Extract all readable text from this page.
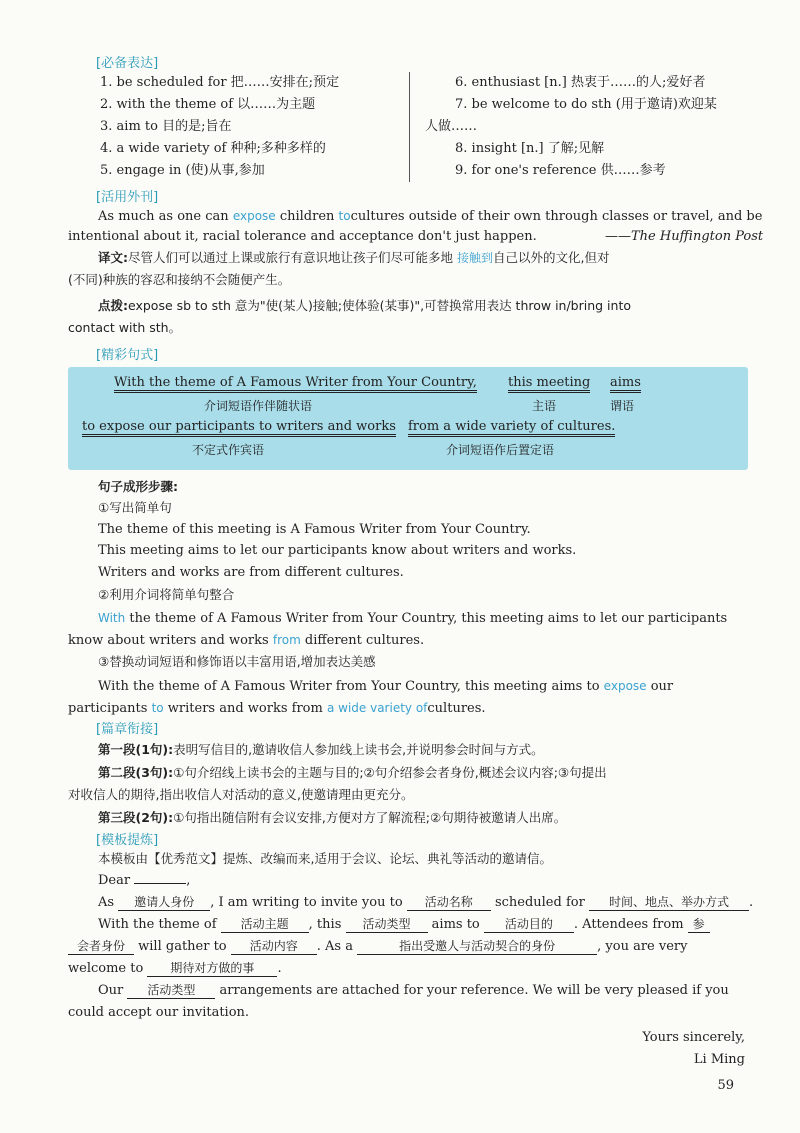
[必备表达]
1. be scheduled for 把……安排在;预定
2. with the theme of 以……为主题
3. aim to 目的是;旨在
4. a wide variety of 种种;多种多样的
5. engage in (使)从事,参加
6. enthusiast [n.] 热衷于……的人;爱好者
7. be welcome to do sth (用于邀请)欢迎某
人做……
8. insight [n.] 了解;见解
9. for one's reference 供……参考
[活用外刊]
As much as one can expose children tocultures outside of their own through classes or travel, and be
intentional about it, racial tolerance and acceptance don't just happen.	——The Huffington Post
译文:尽管人们可以通过上课或旅行有意识地让孩子们尽可能多地 接触到自己以外的文化,但对
(不同)种族的容忍和接纳不会随便产生。
点拨:expose sb to sth 意为"使(某人)接触;使体验(某事)",可替换常用表达 throw in/bring into
contact with sth。
[精彩句式]
With the theme of A Famous Writer from Your Country, this meeting aims
介词短语作伴随状语	主语	谓语
to expose our participants to writers and works from a wide variety of cultures.
不定式作宾语	介词短语作后置定语
句子成形步骤:
①写出简单句
The theme of this meeting is A Famous Writer from Your Country.
This meeting aims to let our participants know about writers and works.
Writers and works are from different cultures.
②利用介词将简单句整合
With the theme of A Famous Writer from Your Country, this meeting aims to let our participants
know about writers and works from different cultures.
③替换动词短语和修饰语以丰富用语,增加表达美感
With the theme of A Famous Writer from Your Country, this meeting aims to expose our
participants to writers and works from a wide variety ofcultures.
[篇章衔接]
第一段(1句):表明写信目的,邀请收信人参加线上读书会,并说明参会时间与方式。
第二段(3句):①句介绍线上读书会的主题与目的;②句介绍参会者身份,概述会议内容;③句提出
对收信人的期待,指出收信人对活动的意义,使邀请理由更充分。
第三段(2句):①句指出随信附有会议安排,方便对方了解流程;②句期待被邀请人出席。
[模板提炼]
本模板由【优秀范文】提炼、改编而来,适用于会议、论坛、典礼等活动的邀请信。
Dear	,
As 邀请人身份 , I am writing to invite you to 活动名称 scheduled for 时间、地点、举办方式 .
With the theme of 活动主题 , this 活动类型 aims to 活动目的 . Attendees from 参
会者身份 will gather to 活动内容 . As a	指出受邀人与活动契合的身份	, you are very
welcome to 期待对方做的事 .
Our 活动类型 arrangements are attached for your reference. We will be very pleased if you
could accept our invitation.
Yours sincerely,
Li Ming
59
